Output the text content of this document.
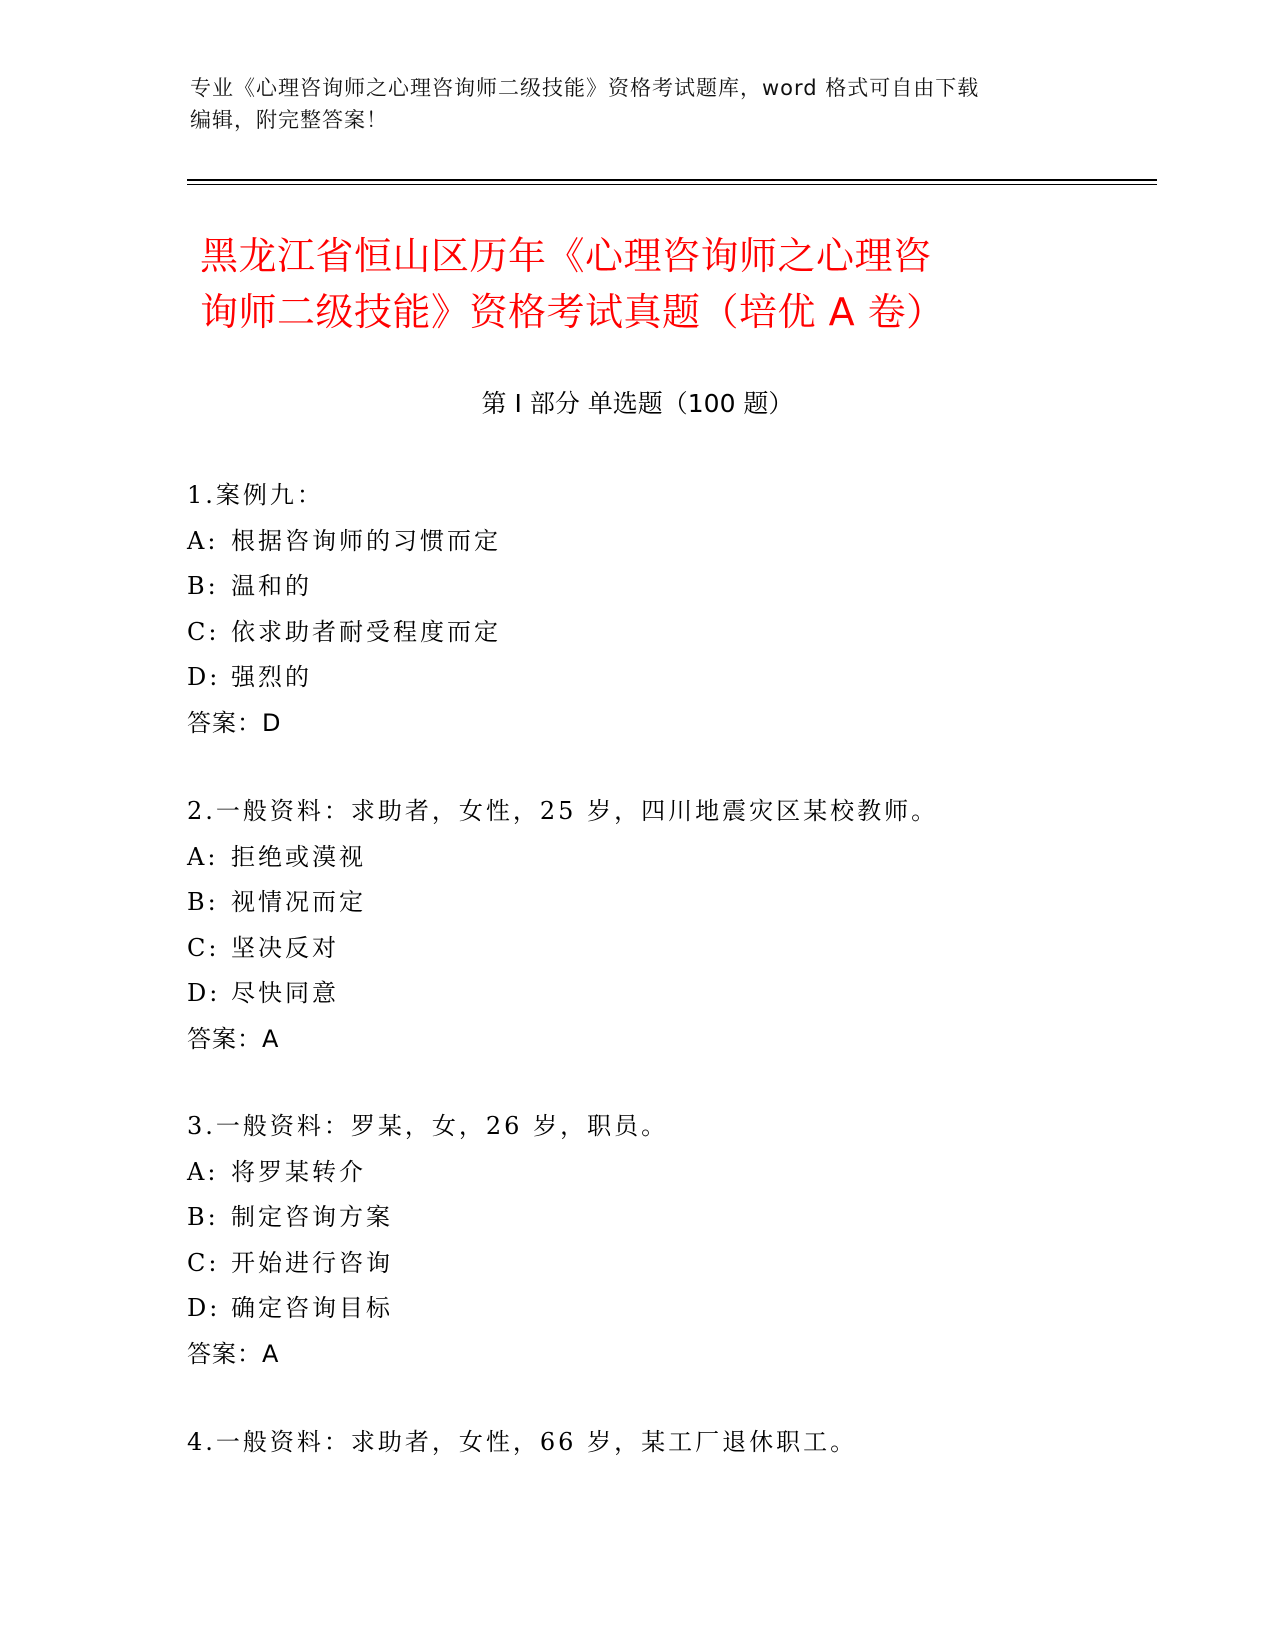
专业《心理咨询师之心理咨询师二级技能》资格考试题库，word 格式可自由下载
编辑，附完整答案！
黑龙江省恒山区历年《心理咨询师之心理咨
询师二级技能》资格考试真题（培优 A 卷）
第 I 部分 单选题（100 题）
1.案例九：
A: 根据咨询师的习惯而定
B: 温和的
C: 依求助者耐受程度而定
D: 强烈的
答案：D
2.一般资料：求助者，女性，25 岁，四川地震灾区某校教师。
A: 拒绝或漠视
B: 视情况而定
C: 坚决反对
D: 尽快同意
答案：A
3.一般资料：罗某，女，26 岁，职员。
A: 将罗某转介
B: 制定咨询方案
C: 开始进行咨询
D: 确定咨询目标
答案：A
4.一般资料：求助者，女性，66 岁，某工厂退休职工。
